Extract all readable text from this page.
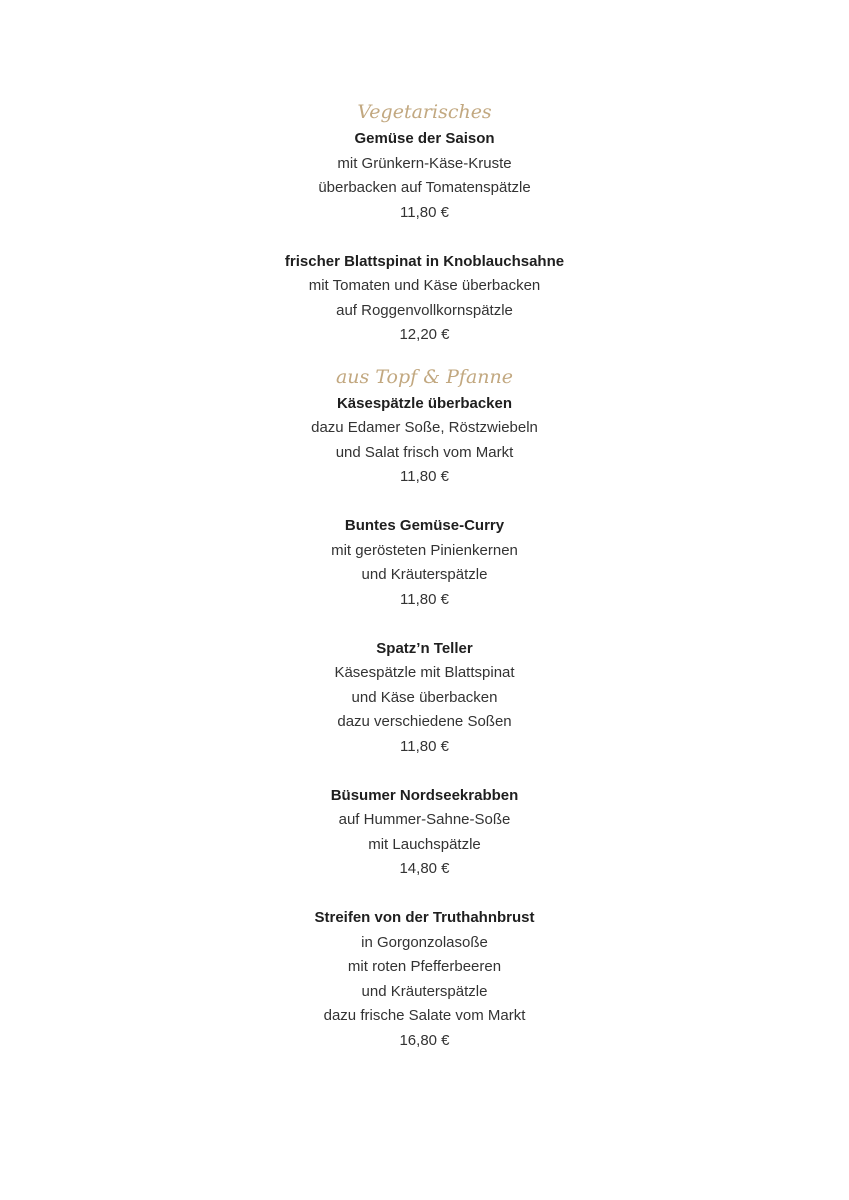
Vegetarisches
Gemüse der Saison
mit Grünkern-Käse-Kruste
überbacken auf Tomatenspätzle
11,80 €
frischer Blattspinat in Knoblauchsahne
mit Tomaten und Käse überbacken
auf Roggenvollkornspätzle
12,20 €
aus Topf & Pfanne
Käsespätzle überbacken
dazu Edamer Soße, Röstzwiebeln
und Salat frisch vom Markt
11,80 €
Buntes Gemüse-Curry
mit gerösteten Pinienkernen
und Kräuterspätzle
11,80 €
Spatz’n Teller
Käsespätzle mit Blattspinat
und Käse überbacken
dazu verschiedene Soßen
11,80 €
Büsumer Nordseekrabben
auf Hummer-Sahne-Soße
mit Lauchspätzle
14,80 €
Streifen von der Truthahnbrust
in Gorgonzolasoße
mit roten Pfefferbeeren
und Kräuterspätzle
dazu frische Salate vom Markt
16,80 €
